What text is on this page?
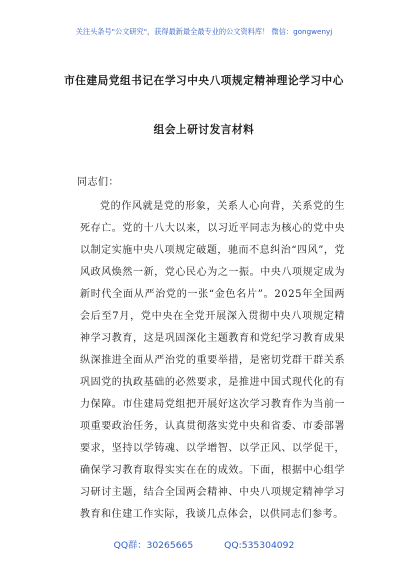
关注头条号"公文研究"，获得最新最全最专业的公文资料库！ 微信：gongwenyj
市住建局党组书记在学习中央八项规定精神理论学习中心
组会上研讨发言材料
同志们：

党的作风就是党的形象，关系人心向背，关系党的生死存亡。党的十八大以来，以习近平同志为核心的党中央以制定实施中央八项规定破题，驰而不息纠治“四风”，党风政风焕然一新，党心民心为之一振。中央八项规定成为新时代全面从严治党的一张“金色名片”。2025年全国两会后至7月，党中央在全党开展深入贯彻中央八项规定精神学习教育，这是巩固深化主题教育和党纪学习教育成果纵深推进全面从严治党的重要举措，是密切党群干群关系巩固党的执政基础的必然要求，是推进中国式现代化的有力保障。市住建局党组把开展好这次学习教育作为当前一项重要政治任务，认真贯彻落实党中央和省委、市委部署要求，坚持以学铸魂、以学增智、以学正风、以学促干，确保学习教育取得实实在在的成效。下面，根据中心组学习研讨主题，结合全国两会精神、中央八项规定精神学习教育和住建工作实际，我谈几点体会，以供同志们参考。

QQ群：30265665	QQ:535304092
